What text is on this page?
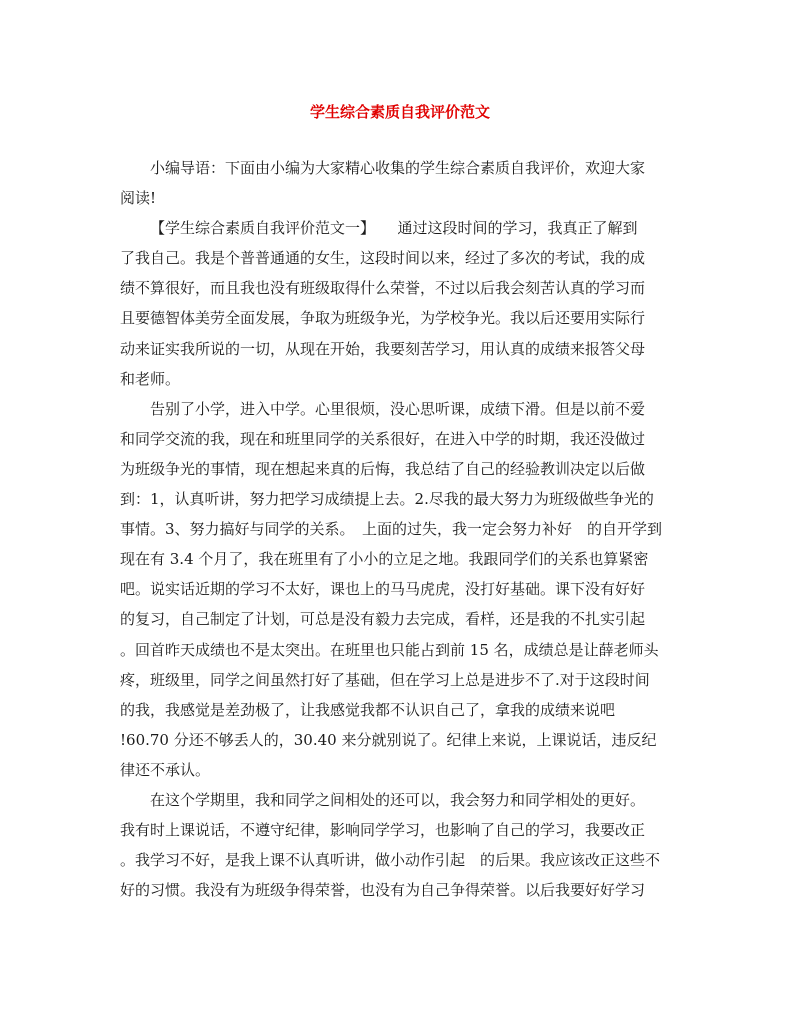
学生综合素质自我评价范文
小编导语：下面由小编为大家精心收集的学生综合素质自我评价，欢迎大家
阅读!
【学生综合素质自我评价范文一】　　通过这段时间的学习，我真正了解到
了我自己。我是个普普通通的女生，这段时间以来，经过了多次的考试，我的成
绩不算很好，而且我也没有班级取得什么荣誉，不过以后我会刻苦认真的学习而
且要德智体美劳全面发展，争取为班级争光，为学校争光。我以后还要用实际行
动来证实我所说的一切，从现在开始，我要刻苦学习，用认真的成绩来报答父母
和老师。
告别了小学，进入中学。心里很烦，没心思听课，成绩下滑。但是以前不爱
和同学交流的我，现在和班里同学的关系很好，在进入中学的时期，我还没做过
为班级争光的事情，现在想起来真的后悔，我总结了自己的经验教训决定以后做
到：1，认真听讲，努力把学习成绩提上去。2.尽我的最大努力为班级做些争光的
事情。3、努力搞好与同学的关系。　上面的过失，我一定会努力补好　的自开学到
现在有 3.4 个月了，我在班里有了小小的立足之地。我跟同学们的关系也算紧密
吧。说实话近期的学习不太好，课也上的马马虎虎，没打好基础。课下没有好好
的复习，自己制定了计划，可总是没有毅力去完成，看样，还是我的不扎实引起
。回首昨天成绩也不是太突出。在班里也只能占到前 15 名，成绩总是让薛老师头
疼，班级里，同学之间虽然打好了基础，但在学习上总是进步不了.对于这段时间
的我，我感觉是差劲极了，让我感觉我都不认识自己了，拿我的成绩来说吧
!60.70 分还不够丢人的，30.40 来分就别说了。纪律上来说，上课说话，违反纪
律还不承认。
在这个学期里，我和同学之间相处的还可以，我会努力和同学相处的更好。
我有时上课说话，不遵守纪律，影响同学学习，也影响了自己的学习，我要改正
。我学习不好，是我上课不认真听讲，做小动作引起　的后果。我应该改正这些不
好的习惯。我没有为班级争得荣誉，也没有为自己争得荣誉。以后我要好好学习
